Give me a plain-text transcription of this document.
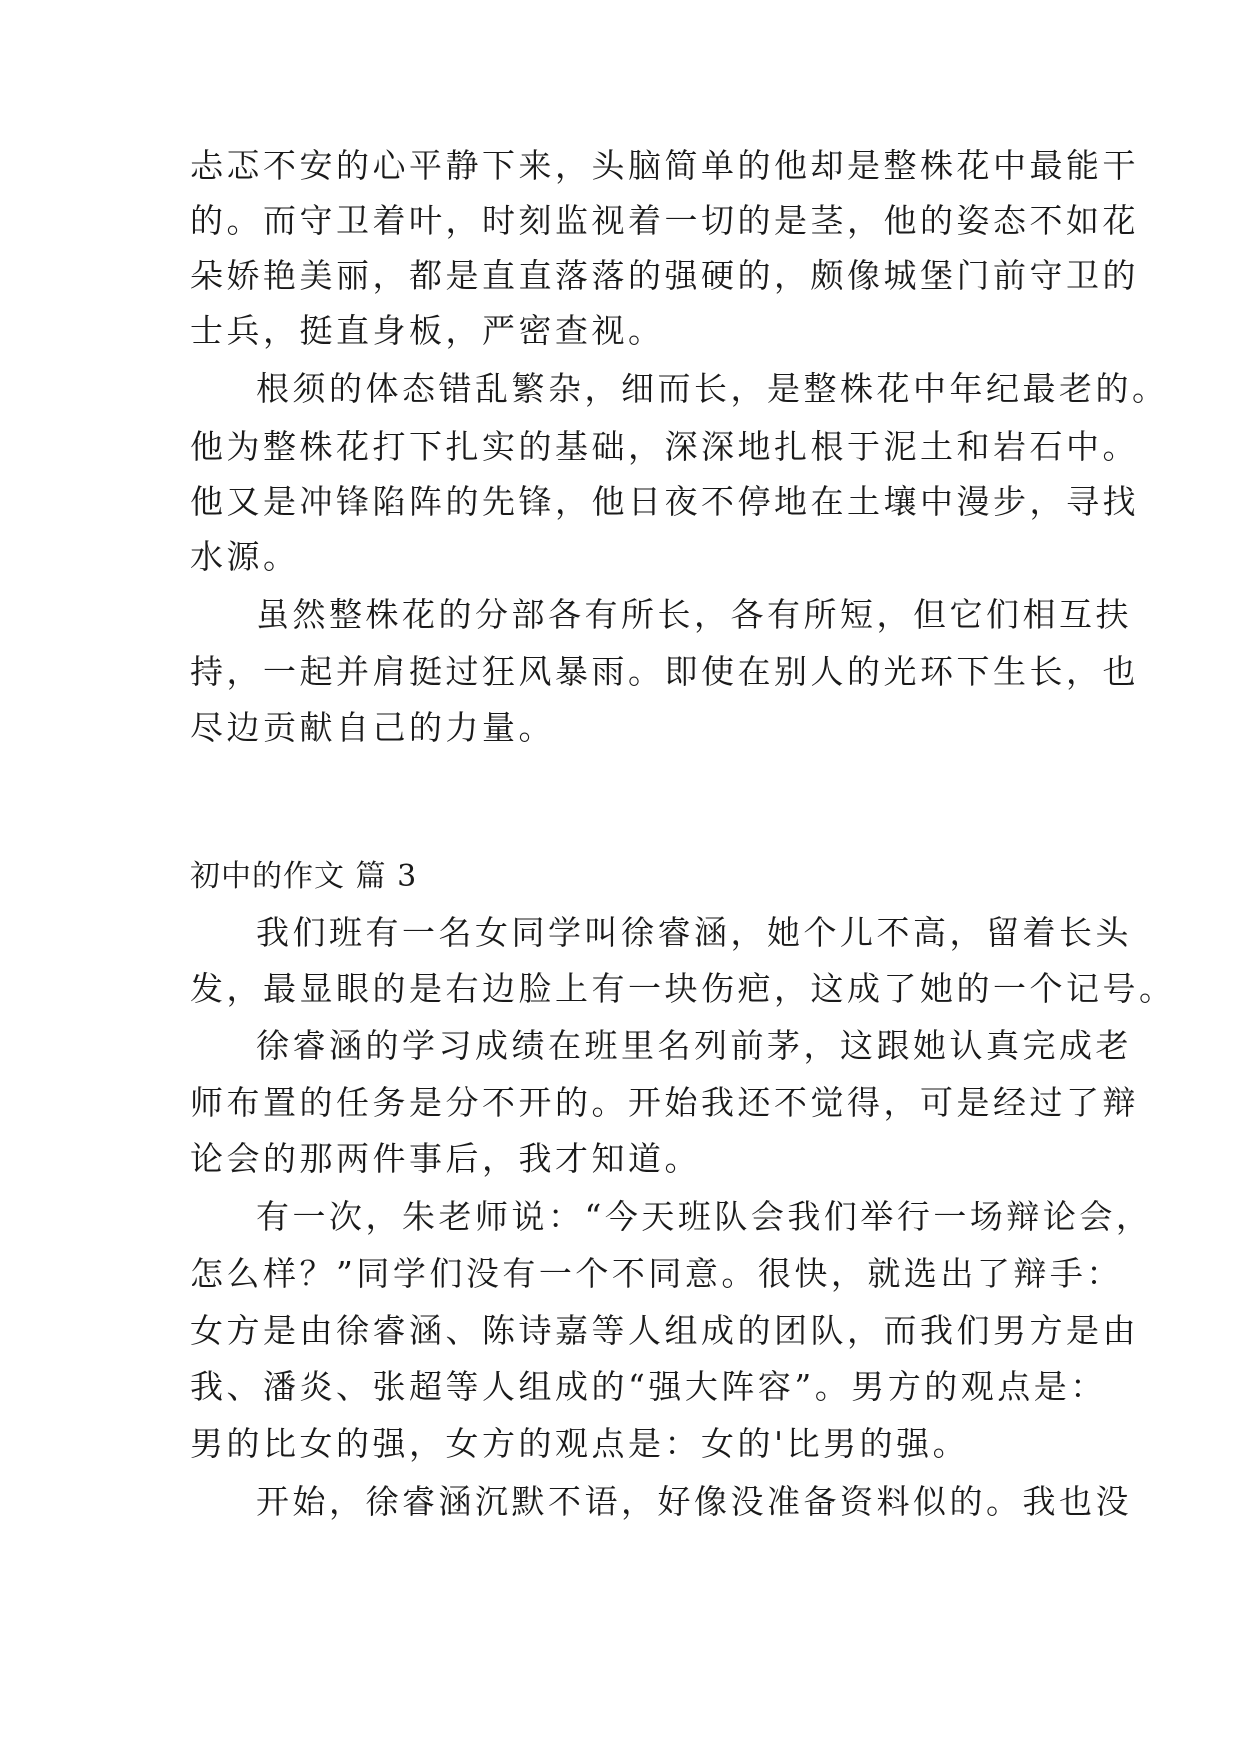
忐忑不安的心平静下来，头脑简单的他却是整株花中最能干
的。而守卫着叶，时刻监视着一切的是茎，他的姿态不如花
朵娇艳美丽，都是直直落落的强硬的，颇像城堡门前守卫的
士兵，挺直身板，严密查视。
根须的体态错乱繁杂，细而长，是整株花中年纪最老的。
他为整株花打下扎实的基础，深深地扎根于泥土和岩石中。
他又是冲锋陷阵的先锋，他日夜不停地在土壤中漫步，寻找
水源。
虽然整株花的分部各有所长，各有所短，但它们相互扶
持，一起并肩挺过狂风暴雨。即使在别人的光环下生长，也
尽边贡献自己的力量。
初中的作文 篇 3
我们班有一名女同学叫徐睿涵，她个儿不高，留着长头
发，最显眼的是右边脸上有一块伤疤，这成了她的一个记号。
徐睿涵的学习成绩在班里名列前茅，这跟她认真完成老
师布置的任务是分不开的。开始我还不觉得，可是经过了辩
论会的那两件事后，我才知道。
有一次，朱老师说：“今天班队会我们举行一场辩论会，
怎么样？”同学们没有一个不同意。很快，就选出了辩手：
女方是由徐睿涵、陈诗嘉等人组成的团队，而我们男方是由
我、潘炎、张超等人组成的“强大阵容”。男方的观点是：
男的比女的强，女方的观点是：女的'比男的强。
开始，徐睿涵沉默不语，好像没准备资料似的。我也没
